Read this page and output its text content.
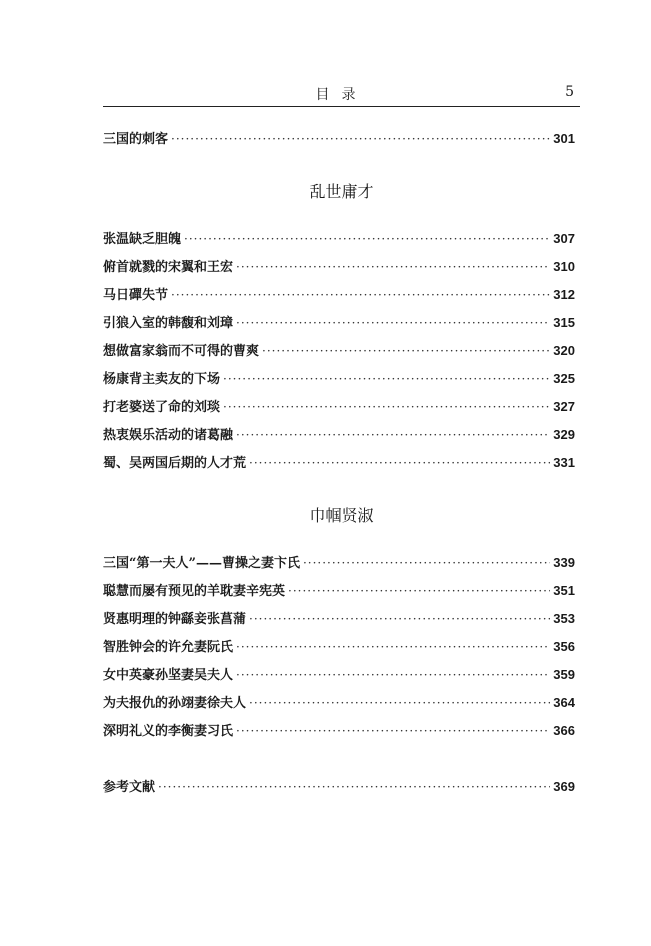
目录	5
三国的刺客 ·····	301
乱世庸才
张温缺乏胆魄 ·····	307
俯首就戮的宋翼和王宏 ·····	310
马日磾失节 ·····	312
引狼入室的韩馥和刘璋 ·····	315
想做富家翁而不可得的曹爽 ·····	320
杨康背主卖友的下场 ·····	325
打老婆送了命的刘琰 ·····	327
热衷娱乐活动的诸葛融 ·····	329
蜀、吴两国后期的人才荒 ·····	331
巾帼贤淑
三国“第一夫人”——曹操之妻卞氏 ·····	339
聪慧而屡有预见的羊耽妻辛宪英 ·····	351
贤惠明理的钟繇妾张菖蒲 ·····	353
智胜钟会的许允妻阮氏 ·····	356
女中英豪孙坚妻吴夫人 ·····	359
为夫报仇的孙翊妻徐夫人 ·····	364
深明礼义的李衡妻习氏 ·····	366
参考文献 ·····	369
